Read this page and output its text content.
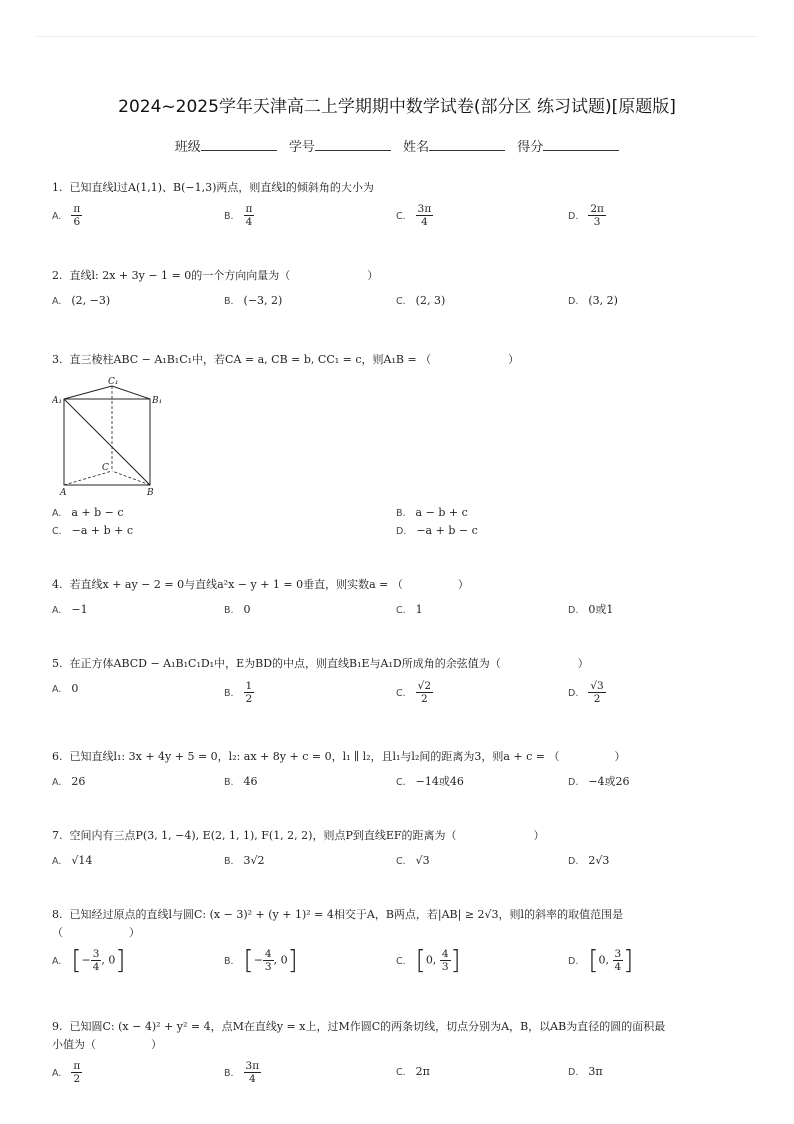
2024~2025学年天津高二上学期期中数学试卷(部分区 练习试题)[原题版]
班级	学号	姓名	得分
1. 已知直线l过A(1,1)、B(−1,3)两点，则直线l的倾斜角的大小为
A. $\frac{\pi}{6}$	B. $\frac{\pi}{4}$	C. $\frac{3\pi}{4}$	D. $\frac{2\pi}{3}$
2. 直线l: 2x + 3y − 1 = 0的一个方向向量为（　　　　　　　）
A. (2, −3)	B. (−3, 2)	C. (2, 3)	D. (3, 2)
3. 直三棱柱ABC − A₁B₁C₁中，若CA = a, CB = b, CC₁ = c，则A₁B = （　　　　　　　）
C₁
A₁	B₁
C
A	B
A. a + b − c	B. a − b + c
C. −a + b + c	D. −a + b − c
4. 若直线x + ay − 2 = 0与直线a²x − y + 1 = 0垂直，则实数a = （　　　　　）
A. −1	B. 0	C. 1	D. 0或1
5. 在正方体ABCD − A₁B₁C₁D₁中，E为BD的中点，则直线B₁E与A₁D所成角的余弦值为（　　　　　　　）
A. 0	B. $\frac{1}{2}$	C. $\frac{√2}{2}$	D. $\frac{√3}{2}$
6. 已知直线l₁: 3x + 4y + 5 = 0，l₂: ax + 8y + c = 0，l₁ ∥ l₂，且l₁与l₂间的距离为3，则a + c = （　　　　　）
A. 26	B. 46	C. −14或46	D. −4或26
7. 空间内有三点P(3, 1, −4), E(2, 1, 1), F(1, 2, 2)，则点P到直线EF的距离为（　　　　　　　）
A. √14	B. 3√2	C. √3	D. 2√3
8. 已知经过原点的直线l与圆C: (x − 3)² + (y + 1)² = 4相交于A，B两点，若|AB| ≥ 2√3，则l的斜率的取值范围是
（　　　　　　）
A. [− $\frac{3}{4}$ , 0]	B. [− $\frac{4}{3}$ , 0]	C. [0, $\frac{4}{3}$ ]	D. [0, $\frac{3}{4}$ ]
9. 已知圆C: (x − 4)² + y² = 4，点M在直线y = x上，过M作圆C的两条切线，切点分别为A，B，以AB为直径的圆的面积最
小值为（　　　　　）
A. $\frac{\pi}{2}$	B. $\frac{3\pi}{4}$	C. 2π	D. 3π
